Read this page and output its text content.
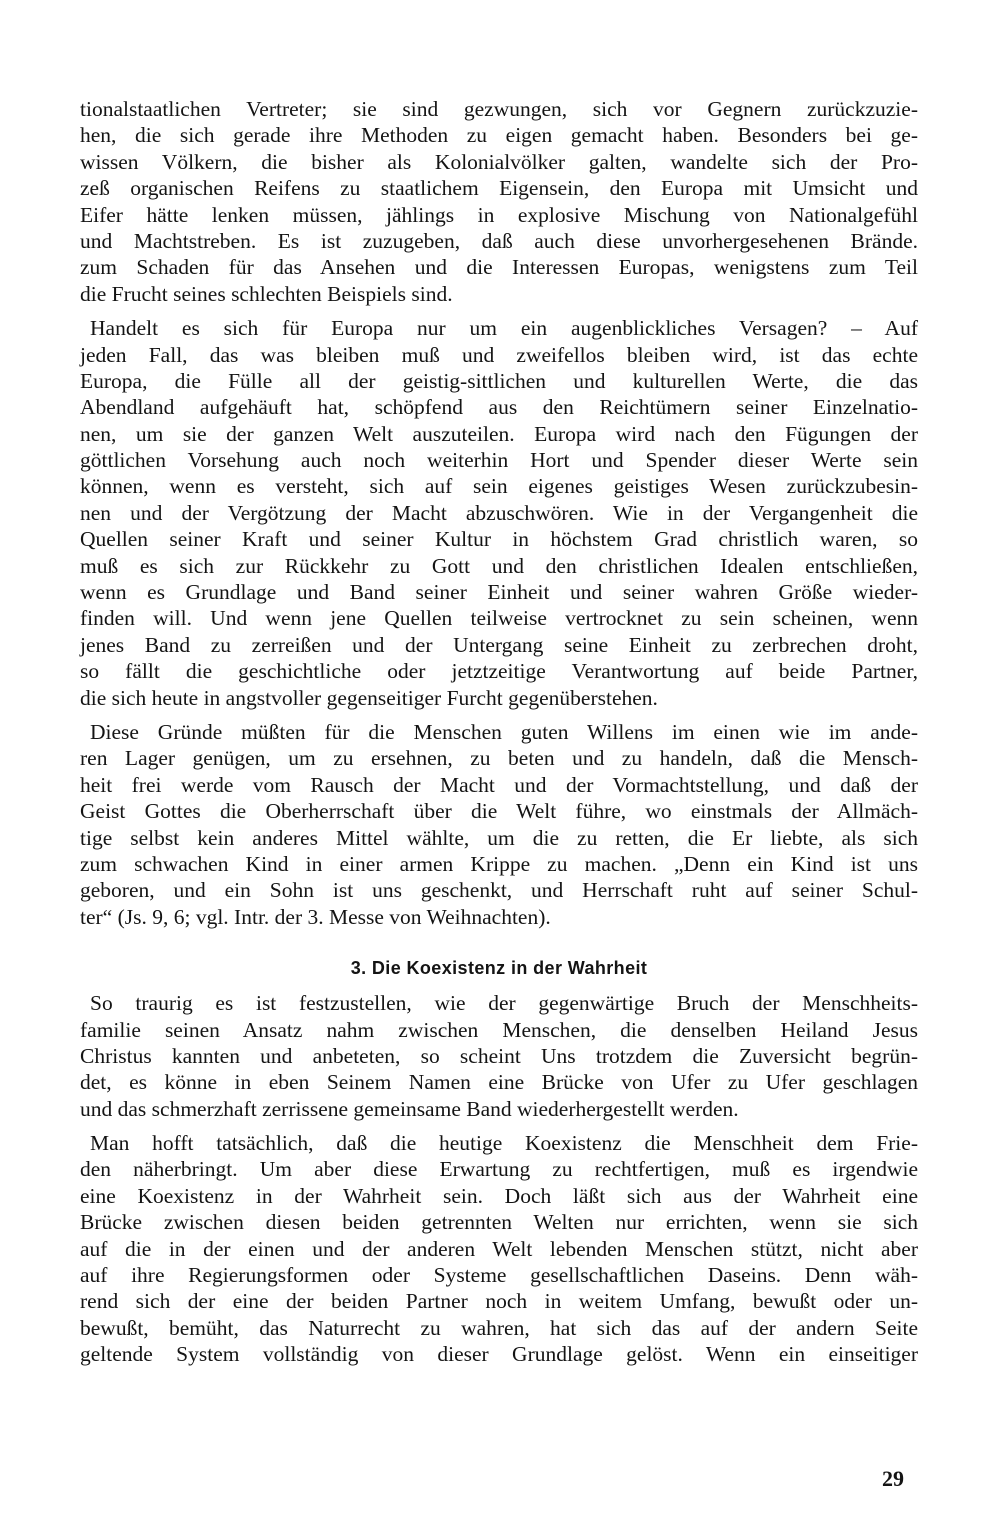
tionalstaatlichen Vertreter; sie sind gezwungen, sich vor Gegnern zurückzuzie-
hen, die sich gerade ihre Methoden zu eigen gemacht haben. Besonders bei ge-
wissen Völkern, die bisher als Kolonialvölker galten, wandelte sich der Pro-
zeß organischen Reifens zu staatlichem Eigensein, den Europa mit Umsicht und
Eifer hätte lenken müssen, jählings in explosive Mischung von Nationalgefühl
und Machtstreben. Es ist zuzugeben, daß auch diese unvorhergesehenen Brände.
zum Schaden für das Ansehen und die Interessen Europas, wenigstens zum Teil
die Frucht seines schlechten Beispiels sind.
Handelt es sich für Europa nur um ein augenblickliches Versagen? – Auf
jeden Fall, das was bleiben muß und zweifellos bleiben wird, ist das echte
Europa, die Fülle all der geistig-sittlichen und kulturellen Werte, die das
Abendland aufgehäuft hat, schöpfend aus den Reichtümern seiner Einzelnatio-
nen, um sie der ganzen Welt auszuteilen. Europa wird nach den Fügungen der
göttlichen Vorsehung auch noch weiterhin Hort und Spender dieser Werte sein
können, wenn es versteht, sich auf sein eigenes geistiges Wesen zurückzubesin-
nen und der Vergötzung der Macht abzuschwören. Wie in der Vergangenheit die
Quellen seiner Kraft und seiner Kultur in höchstem Grad christlich waren, so
muß es sich zur Rückkehr zu Gott und den christlichen Idealen entschließen,
wenn es Grundlage und Band seiner Einheit und seiner wahren Größe wieder-
finden will. Und wenn jene Quellen teilweise vertrocknet zu sein scheinen, wenn
jenes Band zu zerreißen und der Untergang seine Einheit zu zerbrechen droht,
so fällt die geschichtliche oder jetztzeitige Verantwortung auf beide Partner,
die sich heute in angstvoller gegenseitiger Furcht gegenüberstehen.
Diese Gründe müßten für die Menschen guten Willens im einen wie im ande-
ren Lager genügen, um zu ersehnen, zu beten und zu handeln, daß die Mensch-
heit frei werde vom Rausch der Macht und der Vormachtstellung, und daß der
Geist Gottes die Oberherrschaft über die Welt führe, wo einstmals der Allmäch-
tige selbst kein anderes Mittel wählte, um die zu retten, die Er liebte, als sich
zum schwachen Kind in einer armen Krippe zu machen. „Denn ein Kind ist uns
geboren, und ein Sohn ist uns geschenkt, und Herrschaft ruht auf seiner Schul-
ter“ (Js. 9, 6; vgl. Intr. der 3. Messe von Weihnachten).
3. Die Koexistenz in der Wahrheit
So traurig es ist festzustellen, wie der gegenwärtige Bruch der Menschheits-
familie seinen Ansatz nahm zwischen Menschen, die denselben Heiland Jesus
Christus kannten und anbeteten, so scheint Uns trotzdem die Zuversicht begrün-
det, es könne in eben Seinem Namen eine Brücke von Ufer zu Ufer geschlagen
und das schmerzhaft zerrissene gemeinsame Band wiederhergestellt werden.
Man hofft tatsächlich, daß die heutige Koexistenz die Menschheit dem Frie-
den näherbringt. Um aber diese Erwartung zu rechtfertigen, muß es irgendwie
eine Koexistenz in der Wahrheit sein. Doch läßt sich aus der Wahrheit eine
Brücke zwischen diesen beiden getrennten Welten nur errichten, wenn sie sich
auf die in der einen und der anderen Welt lebenden Menschen stützt, nicht aber
auf ihre Regierungsformen oder Systeme gesellschaftlichen Daseins. Denn wäh-
rend sich der eine der beiden Partner noch in weitem Umfang, bewußt oder un-
bewußt, bemüht, das Naturrecht zu wahren, hat sich das auf der andern Seite
geltende System vollständig von dieser Grundlage gelöst. Wenn ein einseitiger
29
